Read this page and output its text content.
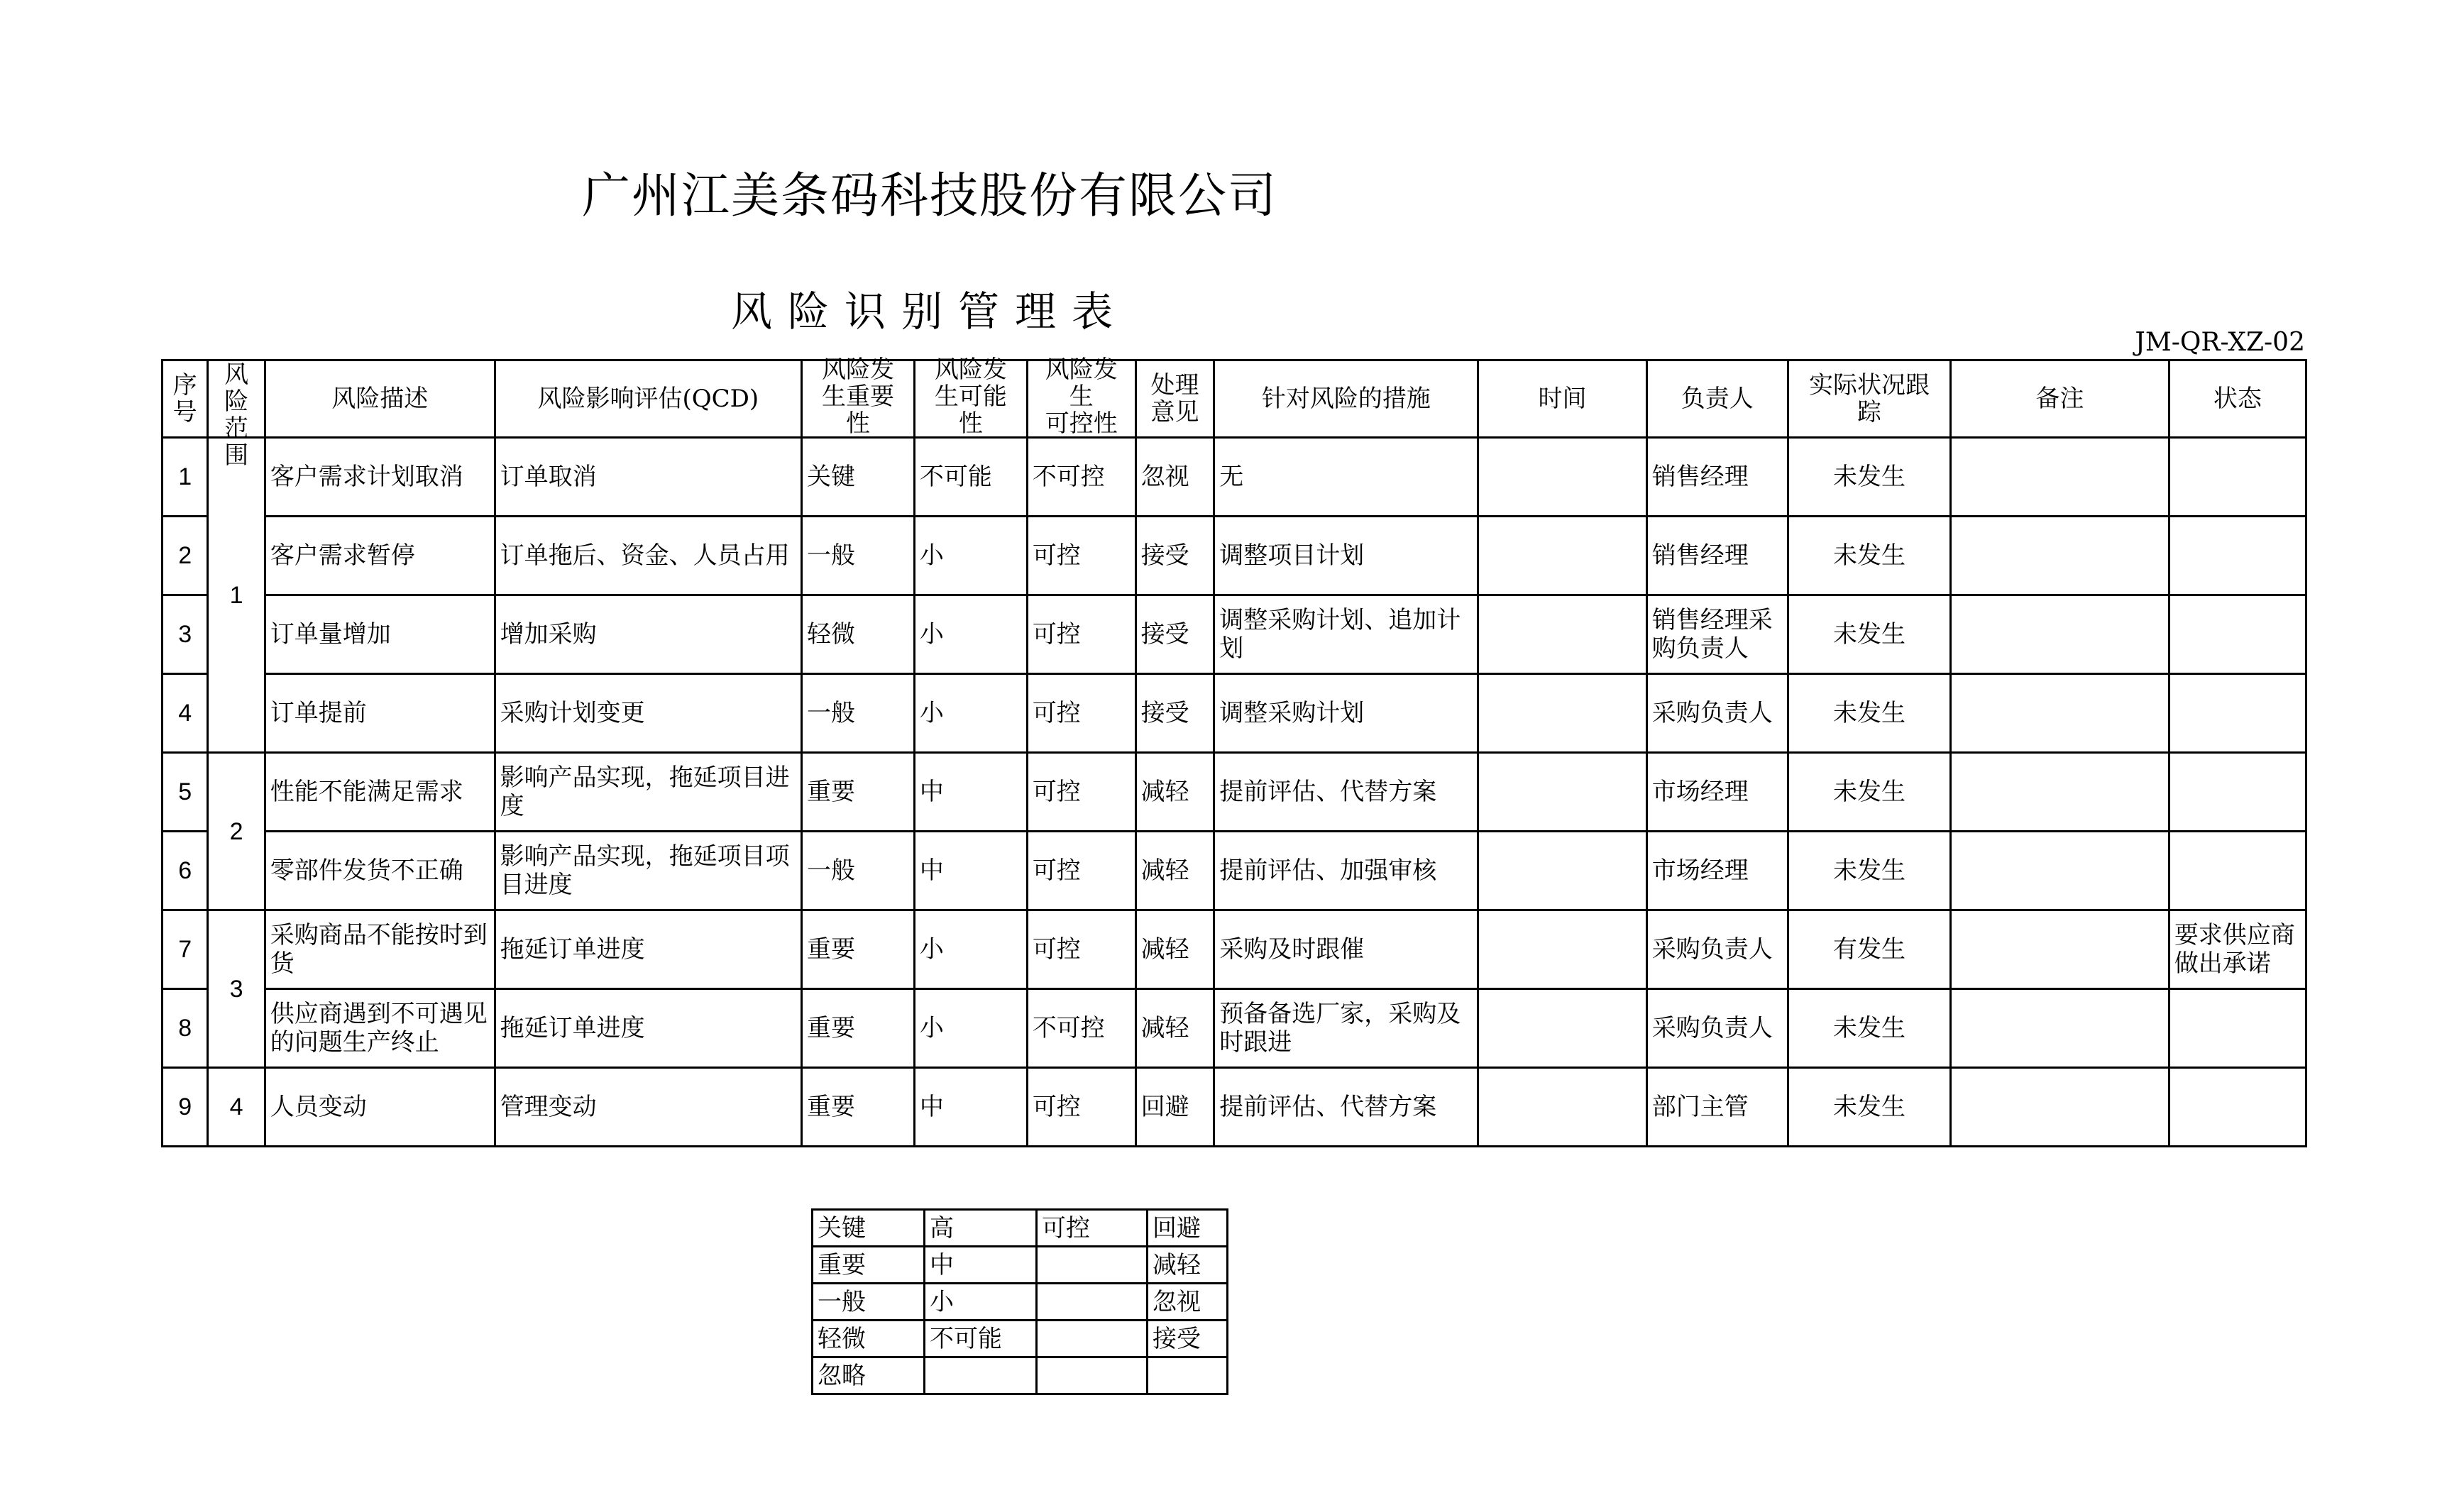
广州江美条码科技股份有限公司
风险识别管理表
JM-QR-XZ-02
序
号	风险
范围	风险描述	风险影响评估(QCD)	风险发
生重要
性	风险发
生可能
性	风险发
生
可控性	处理
意见	针对风险的措施	时间	负责人	实际状况跟
踪	备注	状态
1	1	客户需求计划取消	订单取消	关键	不可能	不可控	忽视	无		销售经理	未发生		

2		客户需求暂停	订单拖后、资金、人员占用	一般	小	可控	接受	调整项目计划		销售经理	未发生		

3		订单量增加	增加采购	轻微	小	可控	接受	调整采购计划、追加计划		销售经理采购负责人	未发生		

4		订单提前	采购计划变更	一般	小	可控	接受	调整采购计划		采购负责人	未发生		

5	2	性能不能满足需求	影响产品实现，拖延项目进度	重要	中	可控	减轻	提前评估、代替方案		市场经理	未发生		

6		零部件发货不正确	影响产品实现，拖延项目项目进度	一般	中	可控	减轻	提前评估、加强审核		市场经理	未发生		

7	3	采购商品不能按时到货	拖延订单进度	重要	小	可控	减轻	采购及时跟催		采购负责人	有发生		要求供应商做出承诺

8		供应商遇到不可遇见的问题生产终止	拖延订单进度	重要	小	不可控	减轻	预备备选厂家，采购及时跟进		采购负责人	未发生		

9	4	人员变动	管理变动	重要	中	可控	回避	提前评估、代替方案		部门主管	未发生		
关键	高	可控	回避
重要	中		减轻
一般	小		忽视
轻微	不可能		接受
忽略			
